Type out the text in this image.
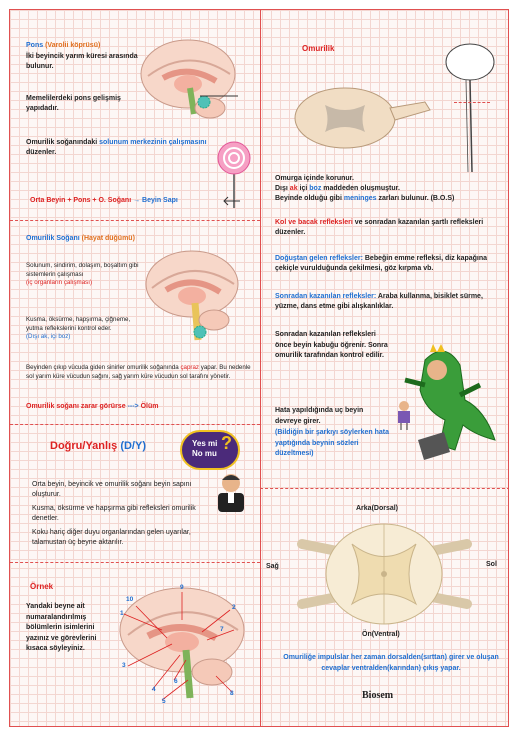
Pons (Varolii köprüsü)
İki beyincik yarım küresi arasında bulunur.
Memelilerdeki pons gelişmiş yapıdadır.
Omurilik soğanındaki solunum merkezinin çalışmasını düzenler.
Orta Beyin + Pons + O. Soğanı → Beyin Sapı
Omurilik Soğanı (Hayat düğümü)
Solunum, sindirim, dolaşım, boşaltım gibi sistemlerin çalışması
(iç organların çalışması)
Kusma, öksürme, hapşırma, çiğneme, yutma reflekslerini kontrol eder.
(Dışı ak, içi boz)
Beyinden çıkıp vücuda giden sinirler omurilik soğanında çapraz yapar. Bu nedenle sol yarım küre vücudun sağını, sağ yarım küre vücudun sol tarafını yönetir.
Omurilik soğanı zarar görürse ---> Ölüm
Doğru/Yanlış (D/Y)	Yes mi
No mu
?
Orta beyin, beyincik ve omurilik soğanı beyin sapını oluşturur.
Kusma, öksürme ve hapşırma gibi refleksleri omurilik denetler.
Koku hariç diğer duyu organlarından gelen uyarılar, talamustan üç beyne aktarılır.
Örnek
Yandaki beyne ait numaralandırılmış bölümlerin isimlerini yazınız ve görevlerini kısaca söyleyiniz.
1
2
3
4
5
6
7
8
9
10
Omurilik
Omurga içinde korunur.
Dışı ak içi boz maddeden oluşmuştur.
Beyinde olduğu gibi meninges zarları bulunur. (B.O.S)
Kol ve bacak refleksleri ve sonradan kazanılan şartlı refleksleri düzenler.
Doğuştan gelen refleksler: Bebeğin emme refleksi, diz kapağına çekiçle vurulduğunda çekilmesi, göz kırpma vb.
Sonradan kazanılan refleksler: Araba kullanma, bisiklet sürme, yüzme, dans etme gibi alışkanlıklar.
Sonradan kazanılan refleksleri önce beyin kabuğu öğrenir. Sonra omurilik tarafından kontrol edilir.
Hata yapıldığında uç beyin devreye girer.
(Bildiğin bir şarkıyı söylerken hata yaptığında beynin sözleri düzeltmesi)
Arka(Dorsal)
Sağ	Sol
Ön(Ventral)
Omuriliğe impulslar her zaman dorsalden(sırttan) girer ve oluşan cevaplar ventralden(karından) çıkış yapar.
Biosem
